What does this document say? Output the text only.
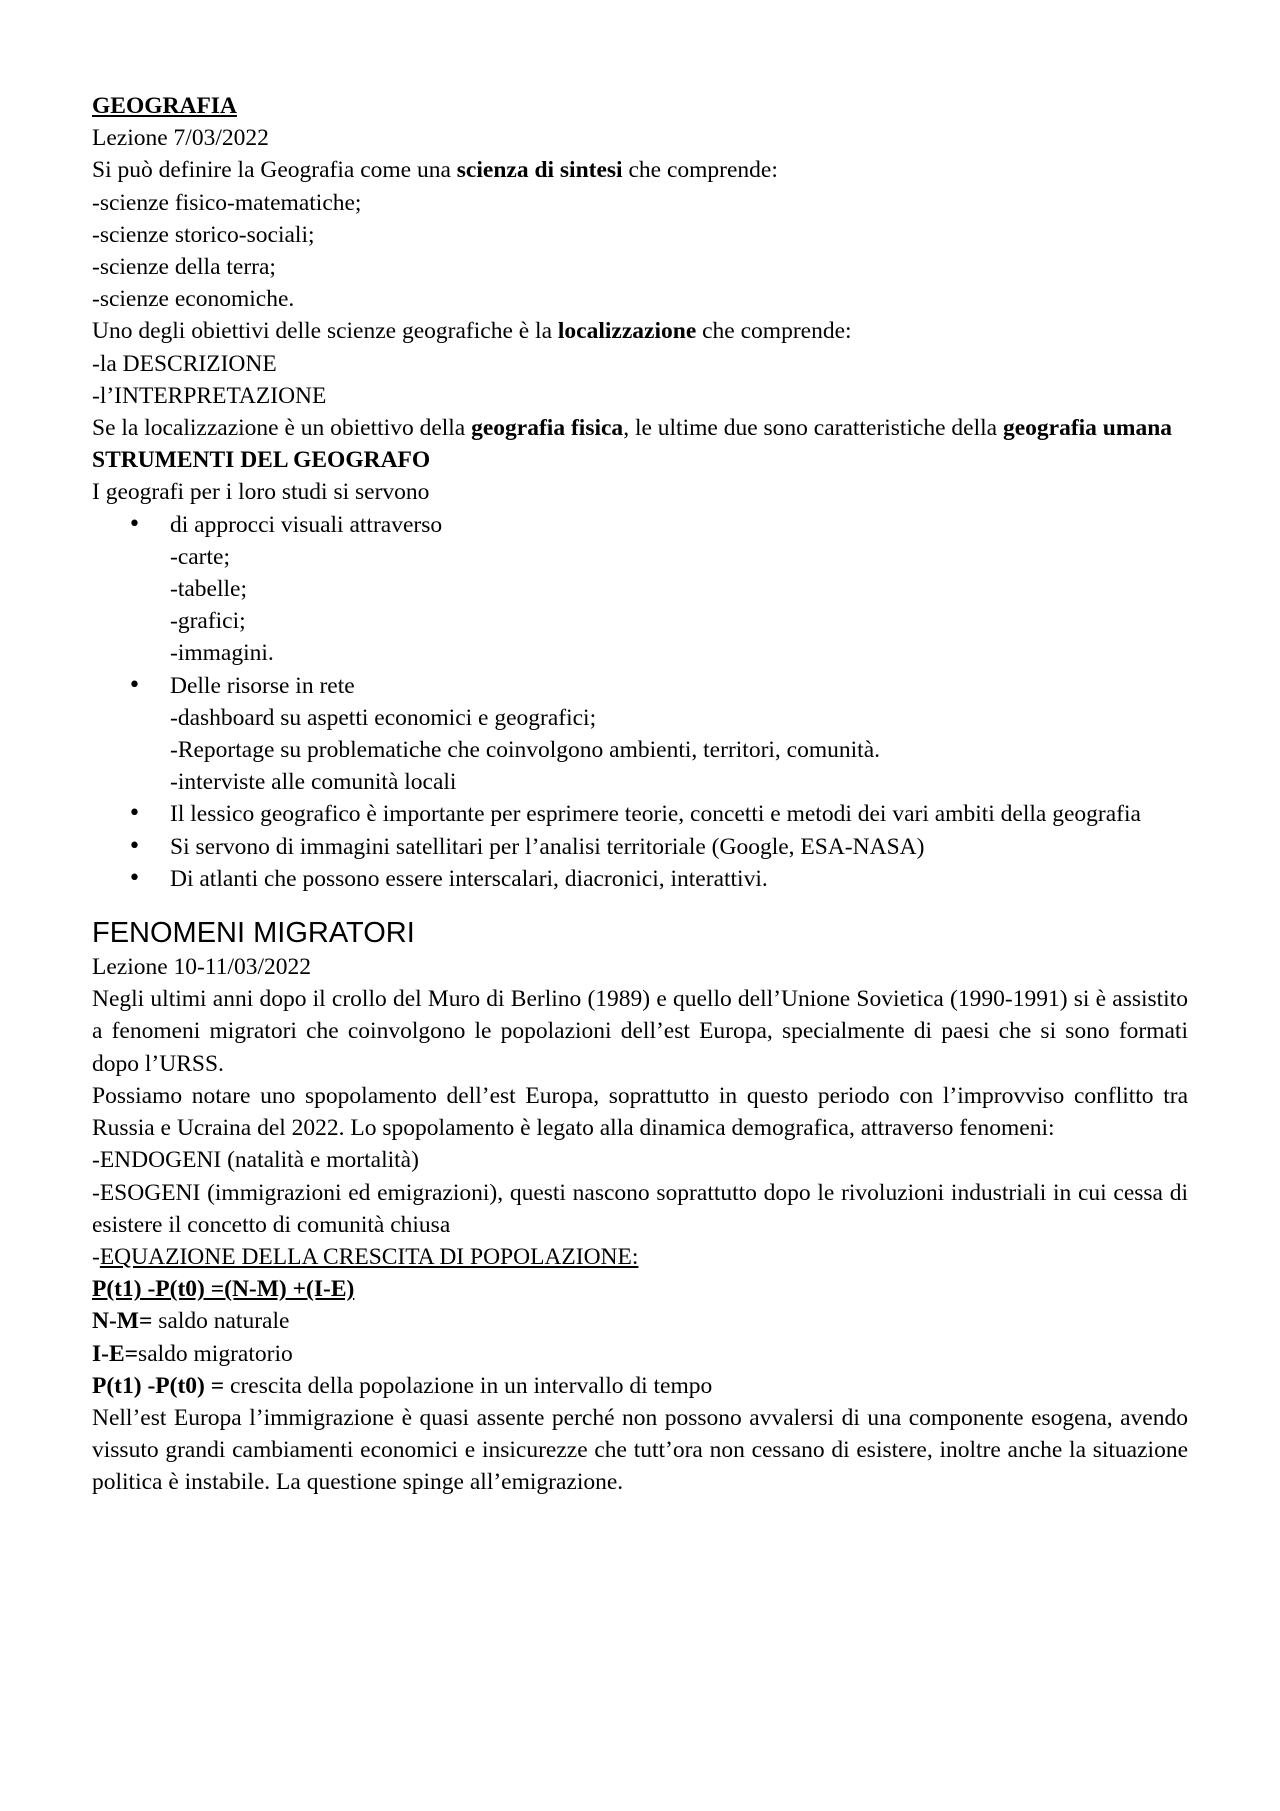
GEOGRAFIA

Lezione 7/03/2022

Si può definire la Geografia come una scienza di sintesi che comprende:

-scienze fisico-matematiche;

-scienze storico-sociali;

-scienze della terra;

-scienze economiche.

Uno degli obiettivi delle scienze geografiche è la localizzazione che comprende:

-la DESCRIZIONE

-l’INTERPRETAZIONE

Se la localizzazione è un obiettivo della geografia fisica, le ultime due sono caratteristiche della geografia umana

STRUMENTI DEL GEOGRAFO

I geografi per i loro studi si servono

• di approcci visuali attraverso
-carte;
-tabelle;
-grafici;
-immagini.
• Delle risorse in rete
-dashboard su aspetti economici e geografici;
-Reportage su problematiche che coinvolgono ambienti, territori, comunità.
-interviste alle comunità locali
• Il lessico geografico è importante per esprimere teorie, concetti e metodi dei vari ambiti della geografia
• Si servono di immagini satellitari per l’analisi territoriale (Google, ESA-NASA)
• Di atlanti che possono essere interscalari, diacronici, interattivi.

FENOMENI MIGRATORI

Lezione 10-11/03/2022

Negli ultimi anni dopo il crollo del Muro di Berlino (1989) e quello dell’Unione Sovietica (1990-1991) si è assistito a fenomeni migratori che coinvolgono le popolazioni dell’est Europa, specialmente di paesi che si sono formati dopo l’URSS.

Possiamo notare uno spopolamento dell’est Europa, soprattutto in questo periodo con l’improvviso conflitto tra Russia e Ucraina del 2022. Lo spopolamento è legato alla dinamica demografica, attraverso fenomeni:

-ENDOGENI (natalità e mortalità)

-ESOGENI (immigrazioni ed emigrazioni), questi nascono soprattutto dopo le rivoluzioni industriali in cui cessa di esistere il concetto di comunità chiusa

-EQUAZIONE DELLA CRESCITA DI POPOLAZIONE:

P(t1) -P(t0) =(N-M) +(I-E)

N-M= saldo naturale

I-E=saldo migratorio

P(t1) -P(t0) = crescita della popolazione in un intervallo di tempo

Nell’est Europa l’immigrazione è quasi assente perché non possono avvalersi di una componente esogena, avendo vissuto grandi cambiamenti economici e insicurezze che tutt’ora non cessano di esistere, inoltre anche la situazione politica è instabile. La questione spinge all’emigrazione.
